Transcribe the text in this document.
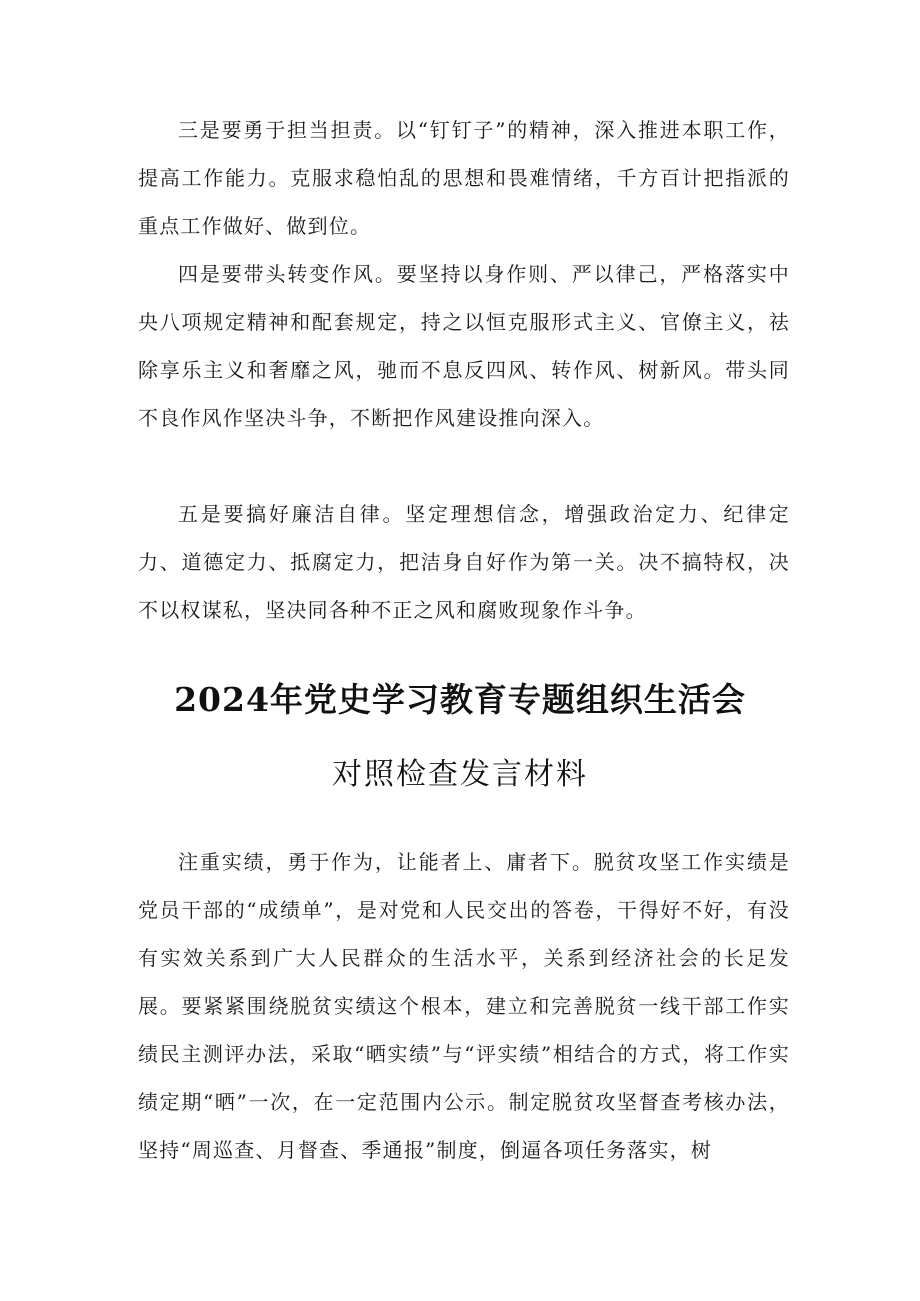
三是要勇于担当担责。以“钉钉子”的精神，深入推进本职工作，提高工作能力。克服求稳怕乱的思想和畏难情绪，千方百计把指派的重点工作做好、做到位。

四是要带头转变作风。要坚持以身作则、严以律己，严格落实中央八项规定精神和配套规定，持之以恒克服形式主义、官僚主义，祛除享乐主义和奢靡之风，驰而不息反四风、转作风、树新风。带头同不良作风作坚决斗争，不断把作风建设推向深入。

五是要搞好廉洁自律。坚定理想信念，增强政治定力、纪律定力、道德定力、抵腐定力，把洁身自好作为第一关。决不搞特权，决不以权谋私，坚决同各种不正之风和腐败现象作斗争。

2024年党史学习教育专题组织生活会
对照检查发言材料

注重实绩，勇于作为，让能者上、庸者下。脱贫攻坚工作实绩是党员干部的“成绩单”，是对党和人民交出的答卷，干得好不好，有没有实效关系到广大人民群众的生活水平，关系到经济社会的长足发展。要紧紧围绕脱贫实绩这个根本，建立和完善脱贫一线干部工作实绩民主测评办法，采取“晒实绩”与“评实绩”相结合的方式，将工作实绩定期“晒”一次，在一定范围内公示。制定脱贫攻坚督查考核办法，坚持“周巡查、月督查、季通报”制度，倒逼各项任务落实，树
